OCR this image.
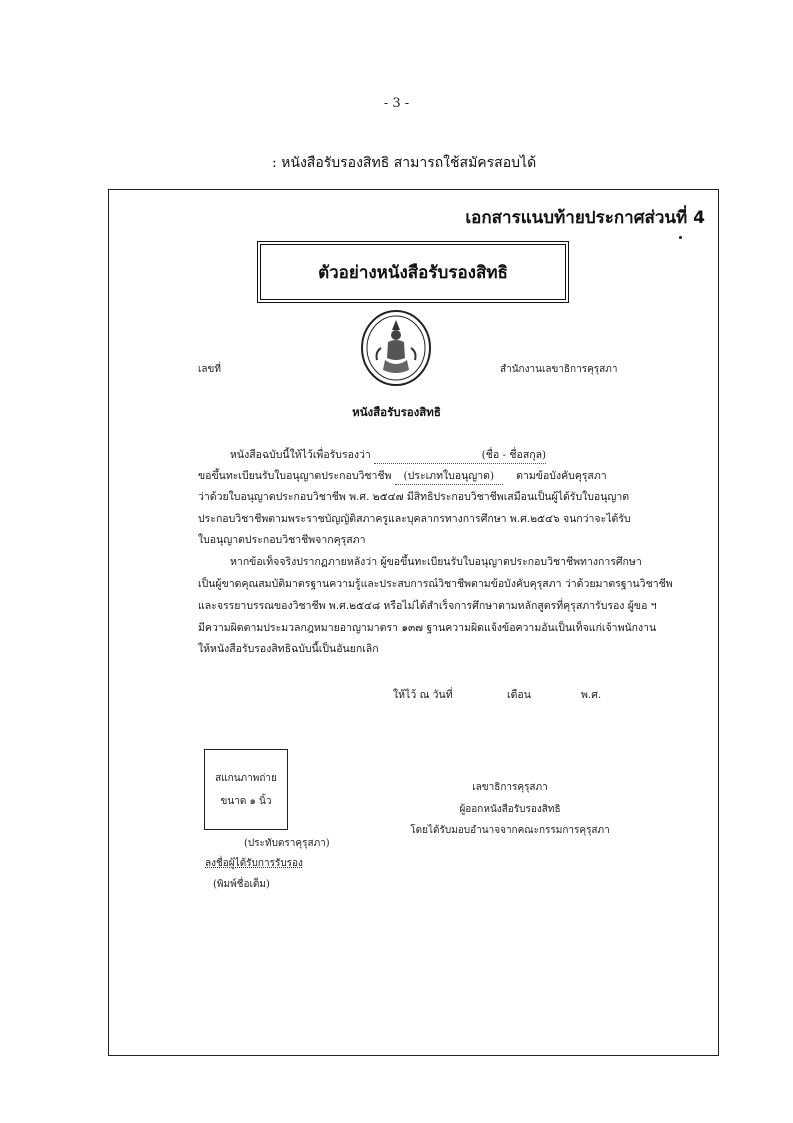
- 3 -
: หนังสือรับรองสิทธิ สามารถใช้สมัครสอบได้
เอกสารแนบท้ายประกาศส่วนที่ 4
ตัวอย่างหนังสือรับรองสิทธิ
เลขที่	สำนักงานเลขาธิการคุรุสภา
หนังสือรับรองสิทธิ
หนังสือฉบับนี้ให้ไว้เพื่อรับรองว่า	(ชื่อ - ชื่อสกุล)
ขอขึ้นทะเบียนรับใบอนุญาตประกอบวิชาชีพ (ประเภทใบอนุญาต) ตามข้อบังคับคุรุสภา
ว่าด้วยใบอนุญาตประกอบวิชาชีพ พ.ศ. ๒๕๔๗ มีสิทธิประกอบวิชาชีพเสมือนเป็นผู้ได้รับใบอนุญาต
ประกอบวิชาชีพตามพระราชบัญญัติสภาครูและบุคลากรทางการศึกษา พ.ศ.๒๕๔๖ จนกว่าจะได้รับ
ใบอนุญาตประกอบวิชาชีพจากคุรุสภา
หากข้อเท็จจริงปรากฏภายหลังว่า ผู้ขอขึ้นทะเบียนรับใบอนุญาตประกอบวิชาชีพทางการศึกษา
เป็นผู้ขาดคุณสมบัติมาตรฐานความรู้และประสบการณ์วิชาชีพตามข้อบังคับคุรุสภา ว่าด้วยมาตรฐานวิชาชีพ
และจรรยาบรรณของวิชาชีพ พ.ศ.๒๕๔๘ หรือไม่ได้สำเร็จการศึกษาตามหลักสูตรที่คุรุสภารับรอง ผู้ขอ ฯ
มีความผิดตามประมวลกฎหมายอาญามาตรา ๑๓๗ ฐานความผิดแจ้งข้อความอันเป็นเท็จแก่เจ้าพนักงาน
ให้หนังสือรับรองสิทธิฉบับนี้เป็นอันยกเลิก
ให้ไว้ ณ วันที่	เดือน	พ.ศ.
สแกนภาพถ่าย
ขนาด ๑ นิ้ว
เลขาธิการคุรุสภา
ผู้ออกหนังสือรับรองสิทธิ
โดยได้รับมอบอำนาจจากคณะกรรมการคุรุสภา
(ประทับตราคุรุสภา)
ลงชื่อผู้ได้รับการรับรอง
(พิมพ์ชื่อเต็ม)
